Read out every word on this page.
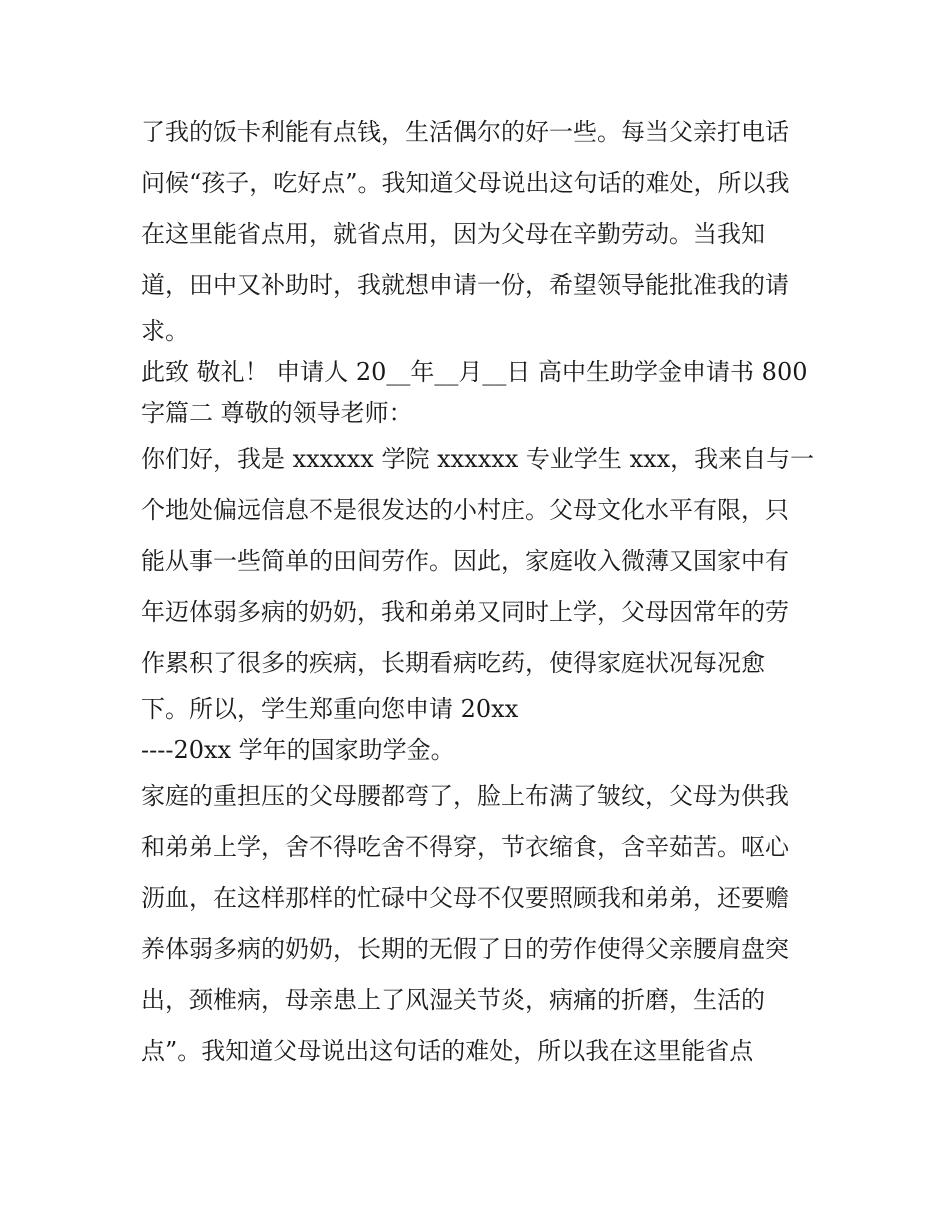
了我的饭卡利能有点钱，生活偶尔的好一些。每当父亲打电话
问候“孩子，吃好点”。我知道父母说出这句话的难处，所以我
在这里能省点用，就省点用，因为父母在辛勤劳动。当我知
道，田中又补助时，我就想申请一份，希望领导能批准我的请
求。
此致 敬礼！ 申请人 20__年__月__日 高中生助学金申请书 800
字篇二 尊敬的领导老师：
你们好，我是 xxxxxx 学院 xxxxxx 专业学生 xxx，我来自与一
个地处偏远信息不是很发达的小村庄。父母文化水平有限，只
能从事一些简单的田间劳作。因此，家庭收入微薄又国家中有
年迈体弱多病的奶奶，我和弟弟又同时上学，父母因常年的劳
作累积了很多的疾病，长期看病吃药，使得家庭状况每况愈
下。所以，学生郑重向您申请 20xx
----20xx 学年的国家助学金。
家庭的重担压的父母腰都弯了，脸上布满了皱纹，父母为供我
和弟弟上学，舍不得吃舍不得穿，节衣缩食，含辛茹苦。呕心
沥血，在这样那样的忙碌中父母不仅要照顾我和弟弟，还要赡
养体弱多病的奶奶，长期的无假了日的劳作使得父亲腰肩盘突
出，颈椎病，母亲患上了风湿关节炎，病痛的折磨，生活的
点”。我知道父母说出这句话的难处，所以我在这里能省点
